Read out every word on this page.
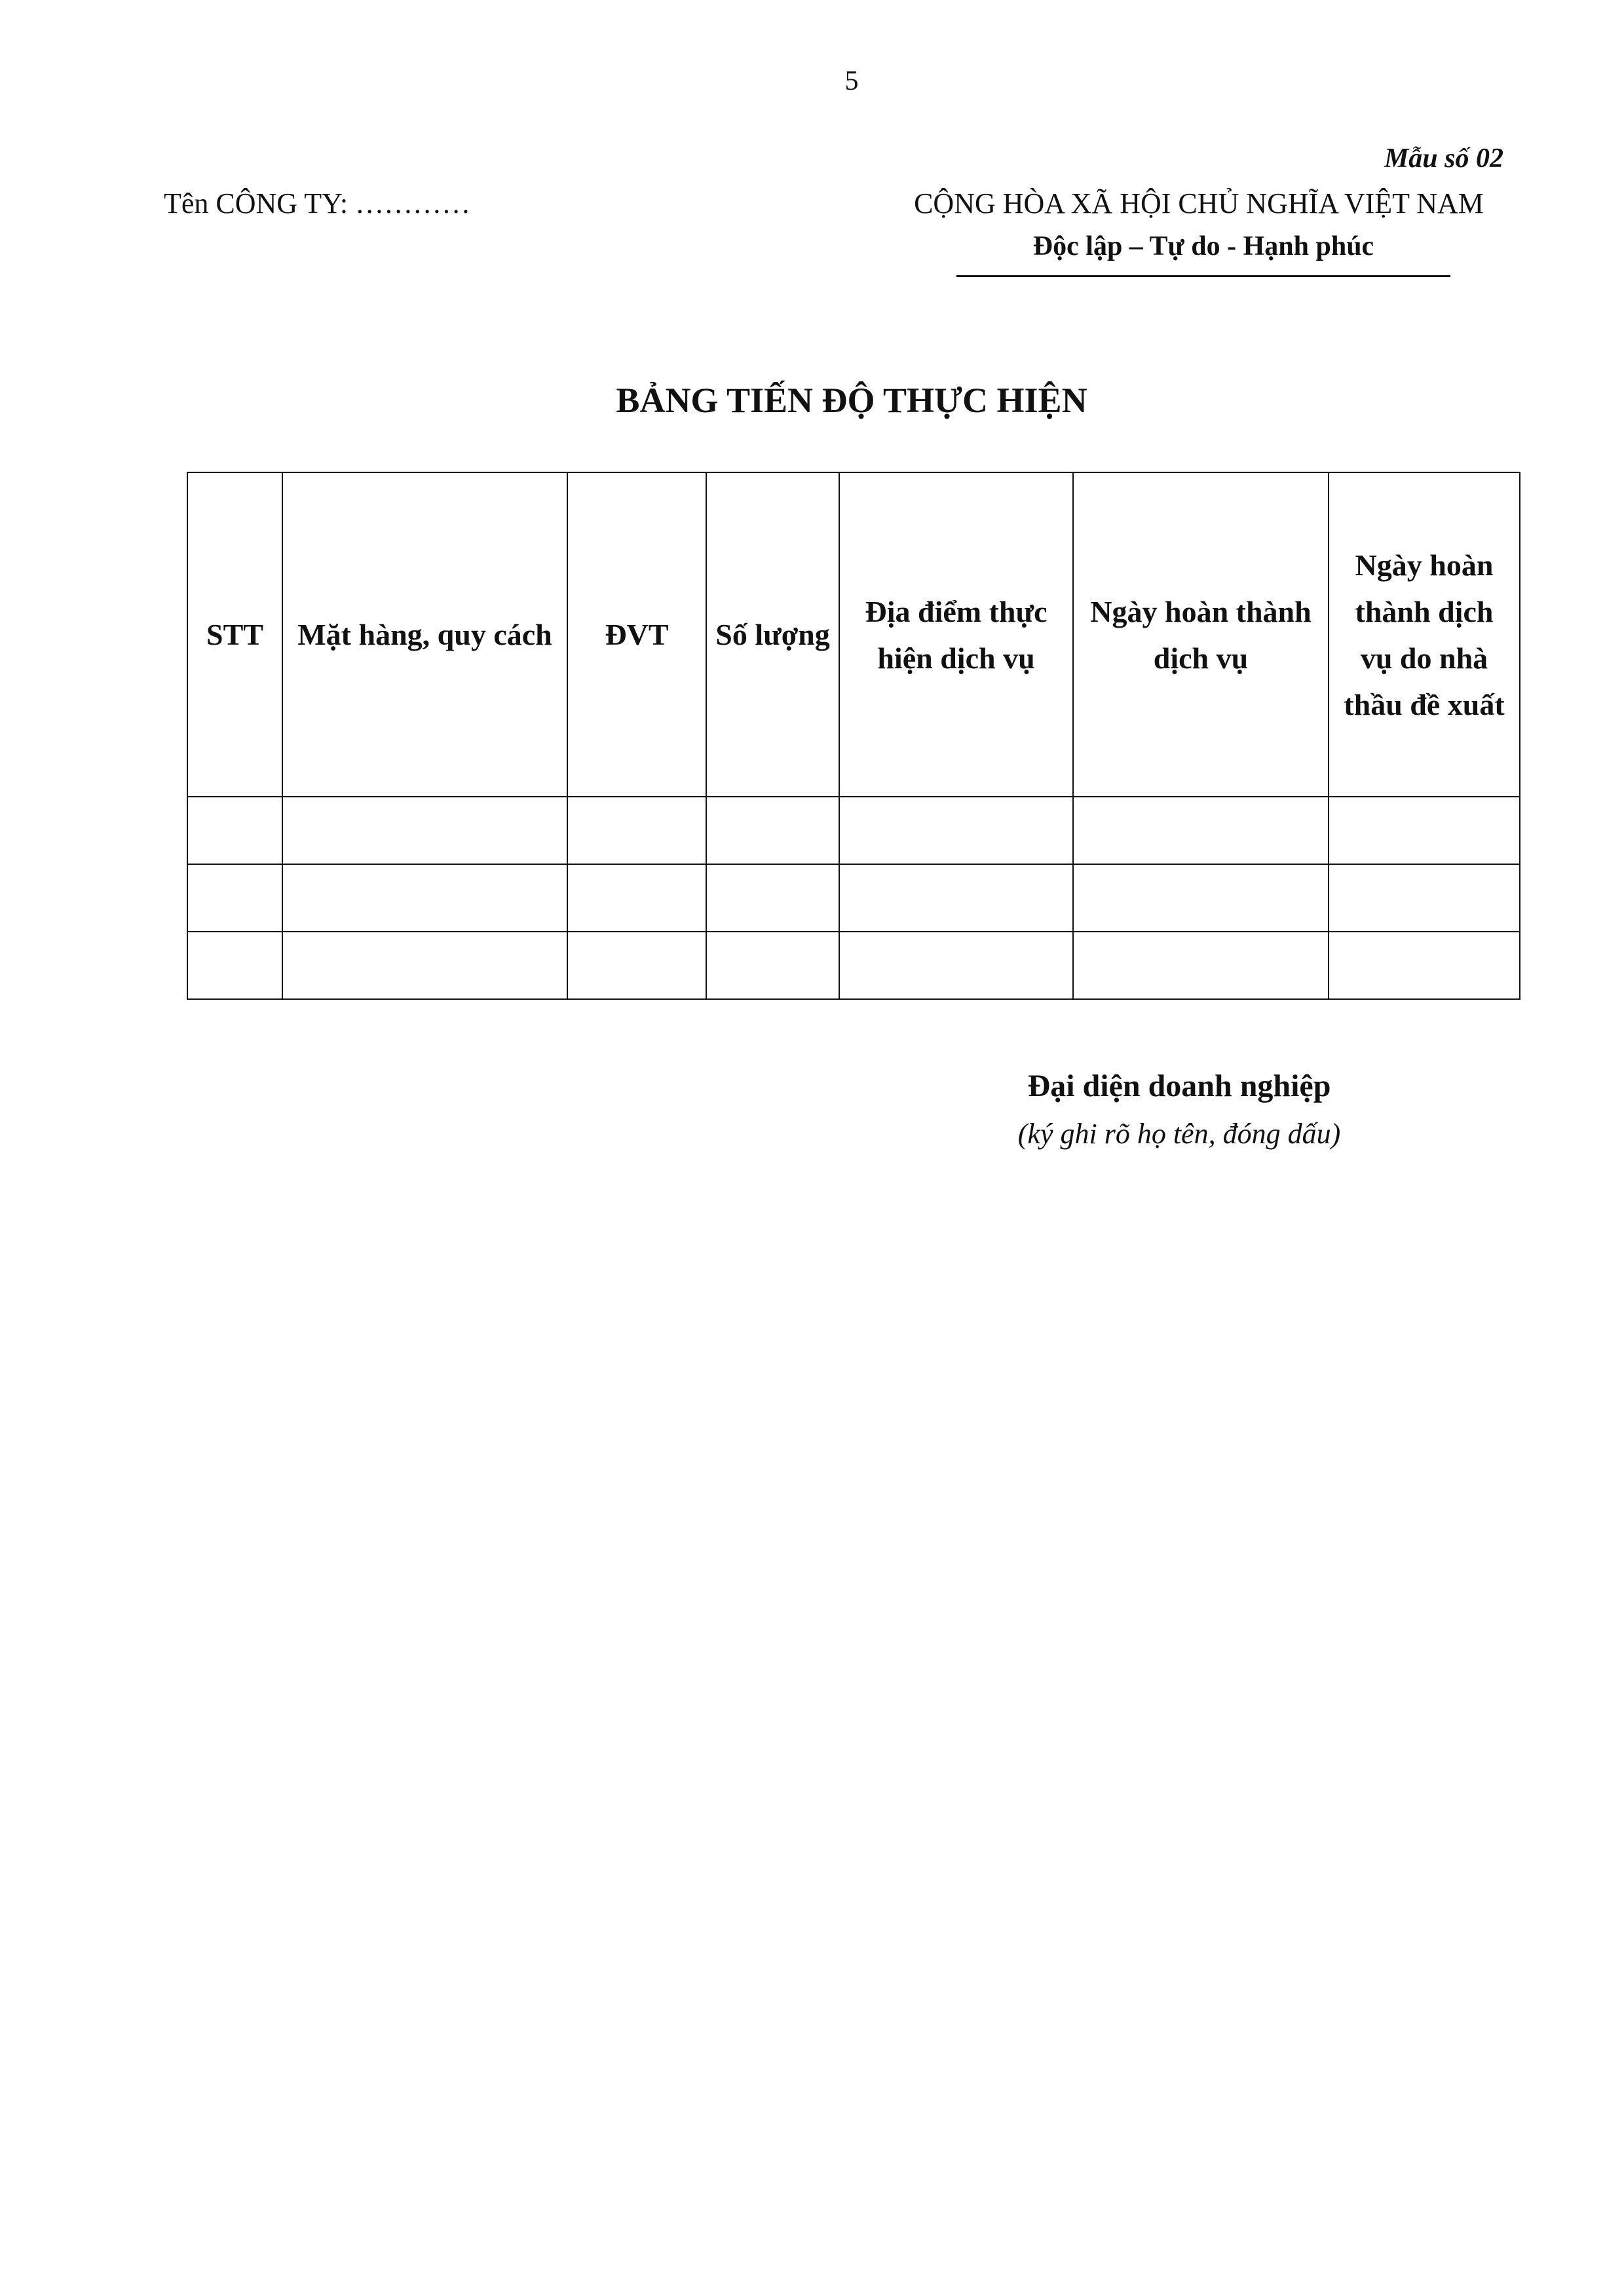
5
Mẫu số 02
Tên CÔNG TY: …………	CỘNG HÒA XÃ HỘI CHỦ NGHĨA VIỆT NAM
Độc lập – Tự do - Hạnh phúc
BẢNG TIẾN ĐỘ THỰC HIỆN
STT	Mặt hàng, quy cách	ĐVT	Số lượng	Địa điểm thực hiện dịch vụ	Ngày hoàn thành dịch vụ	Ngày hoàn thành dịch vụ do nhà thầu đề xuất

Đại diện doanh nghiệp
(ký ghi rõ họ tên, đóng dấu)
